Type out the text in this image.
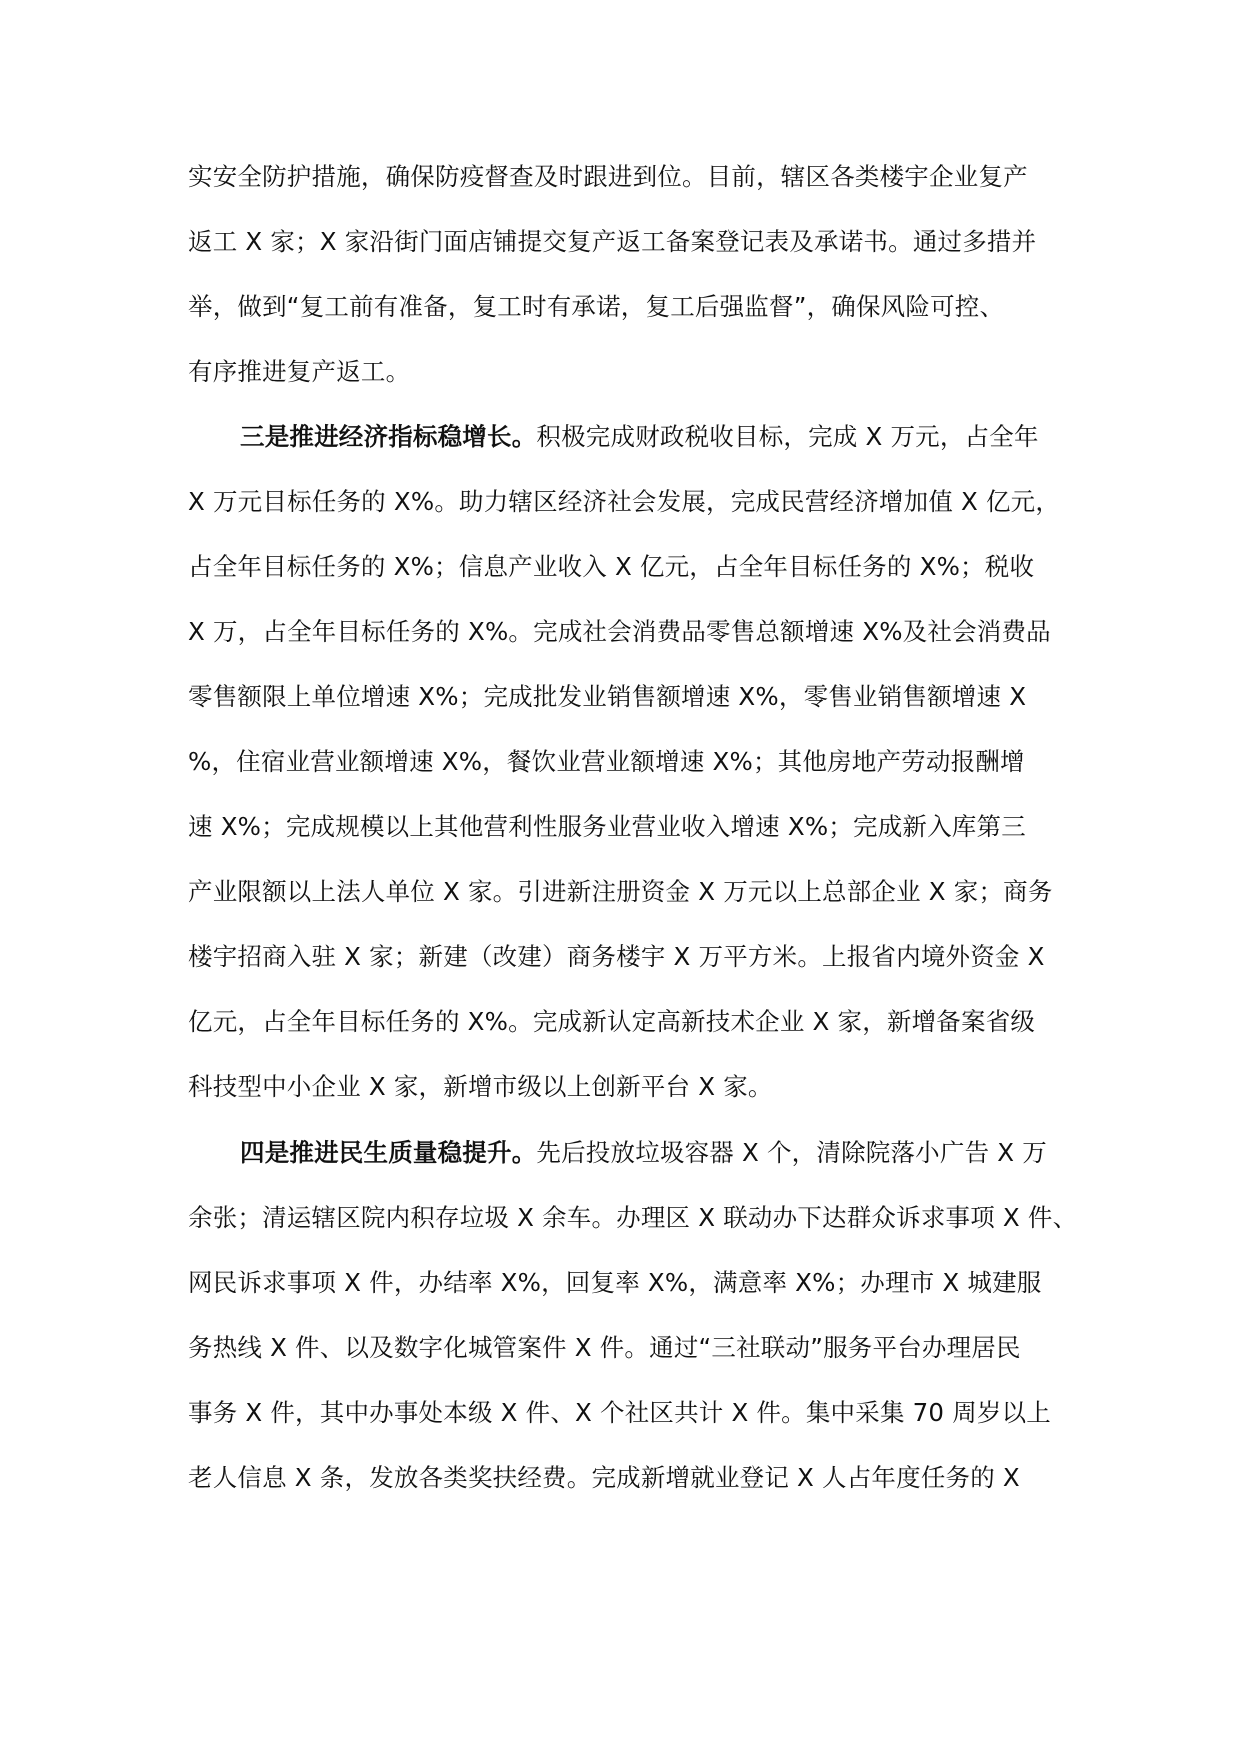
实安全防护措施，确保防疫督查及时跟进到位。目前，辖区各类楼宇企业复产
返工 X 家；X 家沿街门面店铺提交复产返工备案登记表及承诺书。通过多措并
举，做到“复工前有准备，复工时有承诺，复工后强监督”，确保风险可控、
有序推进复产返工。
三是推进经济指标稳增长。积极完成财政税收目标，完成 X 万元，占全年
X 万元目标任务的 X%。助力辖区经济社会发展，完成民营经济增加值 X 亿元，
占全年目标任务的 X%；信息产业收入 X 亿元，占全年目标任务的 X%；税收
X 万，占全年目标任务的 X%。完成社会消费品零售总额增速 X%及社会消费品
零售额限上单位增速 X%；完成批发业销售额增速 X%，零售业销售额增速 X
%，住宿业营业额增速 X%，餐饮业营业额增速 X%；其他房地产劳动报酬增
速 X%；完成规模以上其他营利性服务业营业收入增速 X%；完成新入库第三
产业限额以上法人单位 X 家。引进新注册资金 X 万元以上总部企业 X 家；商务
楼宇招商入驻 X 家；新建（改建）商务楼宇 X 万平方米。上报省内境外资金 X
亿元，占全年目标任务的 X%。完成新认定高新技术企业 X 家，新增备案省级
科技型中小企业 X 家，新增市级以上创新平台 X 家。
四是推进民生质量稳提升。先后投放垃圾容器 X 个，清除院落小广告 X 万
余张；清运辖区院内积存垃圾 X 余车。办理区 X 联动办下达群众诉求事项 X 件、
网民诉求事项 X 件，办结率 X%，回复率 X%，满意率 X%；办理市 X 城建服
务热线 X 件、以及数字化城管案件 X 件。通过“三社联动”服务平台办理居民
事务 X 件，其中办事处本级 X 件、X 个社区共计 X 件。集中采集 70 周岁以上
老人信息 X 条，发放各类奖扶经费。完成新增就业登记 X 人占年度任务的 X
